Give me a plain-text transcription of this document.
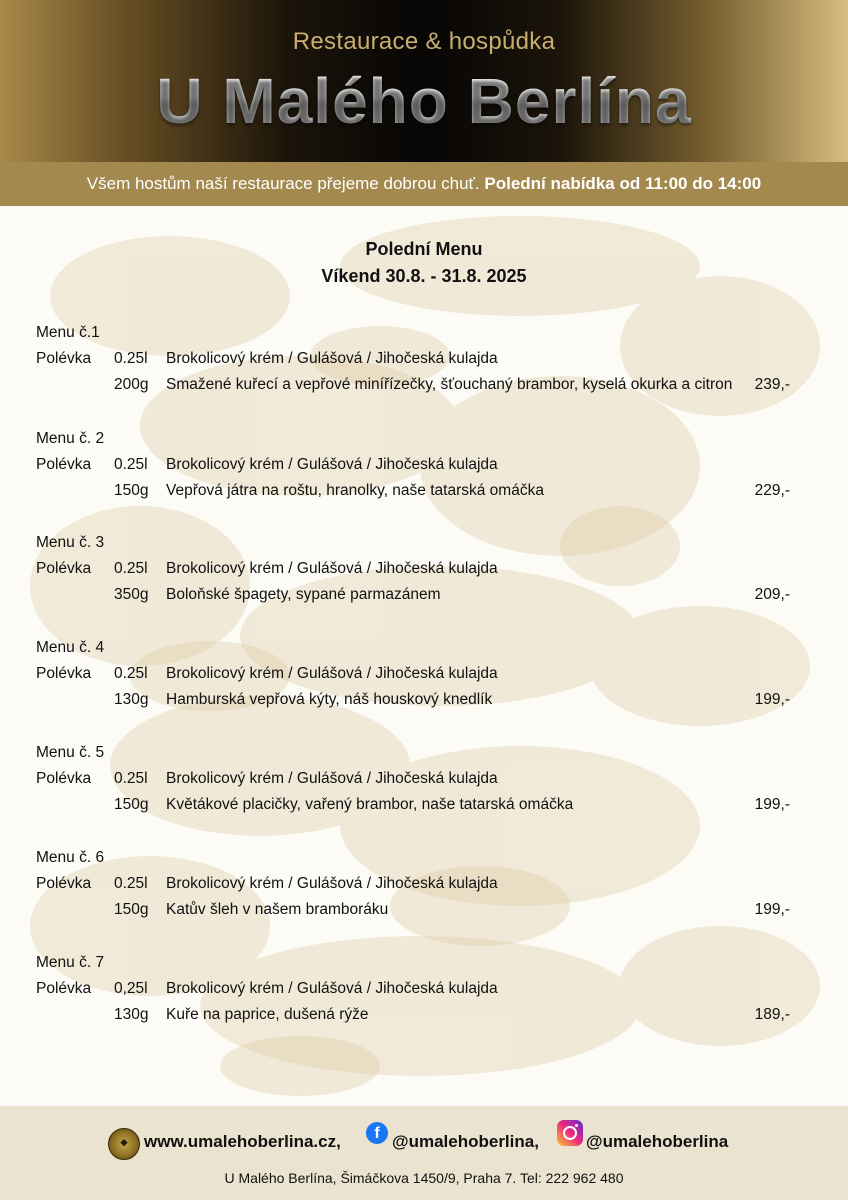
Restaurace & hospůdka
U Malého Berlína
Všem hostům naší restaurace přejeme dobrou chuť. Polední nabídka od 11:00 do 14:00
Polední Menu
Víkend 30.8. - 31.8. 2025
Menu č.1
Polévka 0.25l Brokolicový krém / Gulášová / Jihočeská kulajda
200g Smažené kuřecí a vepřové minířízečky, šťouchaný brambor, kyselá okurka a citron	239,-
Menu č. 2
Polévka 0.25l Brokolicový krém / Gulášová / Jihočeská kulajda
150g Vepřová játra na roštu, hranolky, naše tatarská omáčka	229,-
Menu č. 3
Polévka 0.25l Brokolicový krém / Gulášová / Jihočeská kulajda
350g Boloňské špagety, sypané parmazánem	209,-
Menu č. 4
Polévka 0.25l Brokolicový krém / Gulášová / Jihočeská kulajda
130g Hamburská vepřová kýty, náš houskový knedlík	199,-
Menu č. 5
Polévka 0.25l Brokolicový krém / Gulášová / Jihočeská kulajda
150g Květákové placičky, vařený brambor, naše tatarská omáčka	199,-
Menu č. 6
Polévka 0.25l Brokolicový krém / Gulášová / Jihočeská kulajda
150g Katův šleh v našem bramboráku	199,-
Menu č. 7
Polévka 0,25l Brokolicový krém / Gulášová / Jihočeská kulajda
130g Kuře na paprice, dušená rýže	189,-
◆ www.umalehoberlina.cz,	f @umalehoberlina,	@umalehoberlina
U Malého Berlína, Šimáčkova 1450/9, Praha 7. Tel: 222 962 480
